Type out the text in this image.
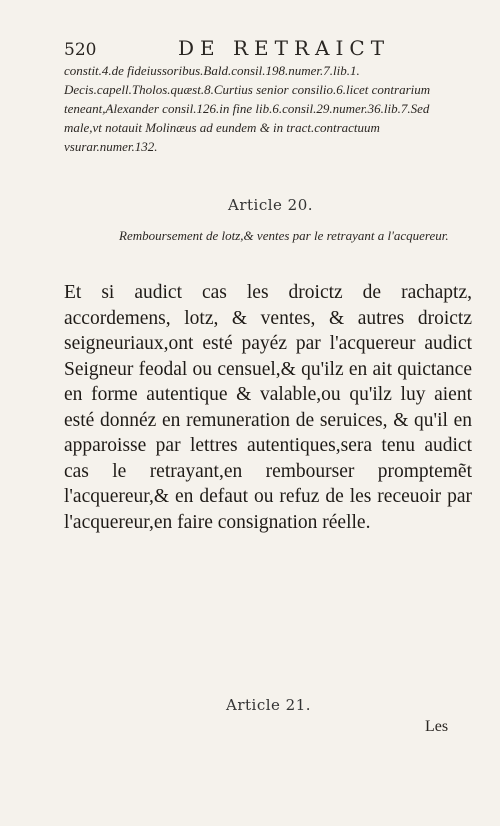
520	DE RETRAICT

constit.4.de fideiussoribus.Bald.consil.198.numer.7.lib.1. Decis.capell.Tholos.quæst.8.Curtius senior consilio.6.licet contrarium teneant,Alexander consil.126.in fine lib.6.consil.29.numer.36.lib.7.Sed male,vt notauit Molinæus ad eundem & in tract.contractuum vsurar.numer.132.

Article 20.

Remboursement de lotz,& ventes par le retrayant a l'acquereur.

Et si audict cas les droictz de rachaptz, accordemens, lotz, & ventes, & autres droictz seigneuriaux,ont esté payéz par l'acquereur audict Seigneur feodal ou censuel,& qu'ilz en ait quictance en forme autentique & valable,ou qu'ilz luy aient esté donnéz en remuneration de seruices, & qu'il en apparoisse par lettres autentiques,sera tenu audict cas le retrayant,en rembourser promptemẽt l'acquereur,& en defaut ou refuz de les receuoir par l'acquereur,en faire consignation réelle.

Article 21.
Les
